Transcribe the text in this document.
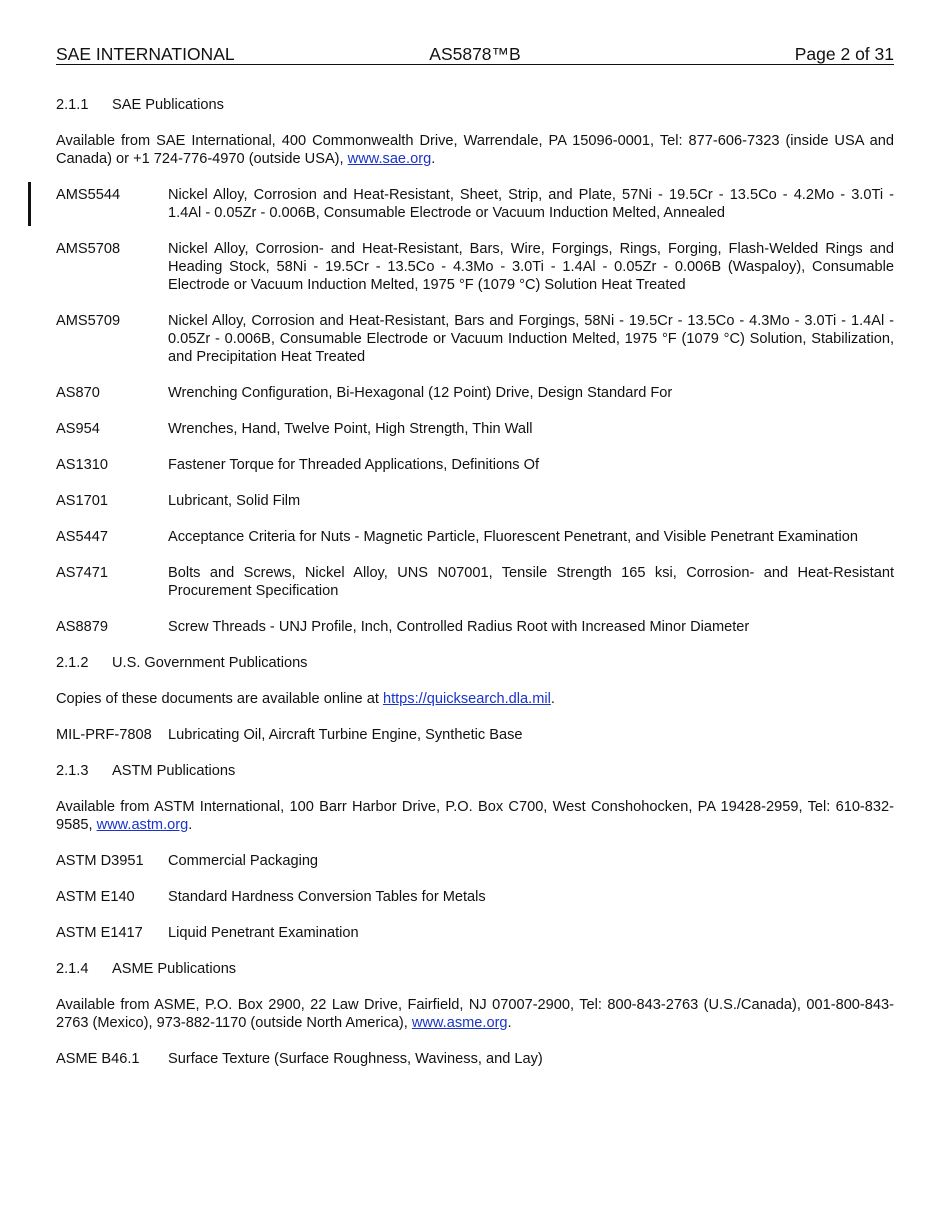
SAE INTERNATIONAL	AS5878™B	Page 2 of 31
2.1.1	SAE Publications
Available from SAE International, 400 Commonwealth Drive, Warrendale, PA 15096-0001, Tel: 877-606-7323 (inside USA and Canada) or +1 724-776-4970 (outside USA), www.sae.org.
AMS5544	Nickel Alloy, Corrosion and Heat-Resistant, Sheet, Strip, and Plate, 57Ni - 19.5Cr - 13.5Co - 4.2Mo - 3.0Ti - 1.4Al - 0.05Zr - 0.006B, Consumable Electrode or Vacuum Induction Melted, Annealed
AMS5708	Nickel Alloy, Corrosion- and Heat-Resistant, Bars, Wire, Forgings, Rings, Forging, Flash-Welded Rings and Heading Stock, 58Ni - 19.5Cr - 13.5Co - 4.3Mo - 3.0Ti - 1.4Al - 0.05Zr - 0.006B (Waspaloy), Consumable Electrode or Vacuum Induction Melted, 1975 °F (1079 °C) Solution Heat Treated
AMS5709	Nickel Alloy, Corrosion and Heat-Resistant, Bars and Forgings, 58Ni - 19.5Cr - 13.5Co - 4.3Mo - 3.0Ti - 1.4Al - 0.05Zr - 0.006B, Consumable Electrode or Vacuum Induction Melted, 1975 °F (1079 °C) Solution, Stabilization, and Precipitation Heat Treated
AS870	Wrenching Configuration, Bi-Hexagonal (12 Point) Drive, Design Standard For
AS954	Wrenches, Hand, Twelve Point, High Strength, Thin Wall
AS1310	Fastener Torque for Threaded Applications, Definitions Of
AS1701	Lubricant, Solid Film
AS5447	Acceptance Criteria for Nuts - Magnetic Particle, Fluorescent Penetrant, and Visible Penetrant Examination
AS7471	Bolts and Screws, Nickel Alloy, UNS N07001, Tensile Strength 165 ksi, Corrosion- and Heat-Resistant Procurement Specification
AS8879	Screw Threads - UNJ Profile, Inch, Controlled Radius Root with Increased Minor Diameter
2.1.2	U.S. Government Publications
Copies of these documents are available online at https://quicksearch.dla.mil.
MIL-PRF-7808	Lubricating Oil, Aircraft Turbine Engine, Synthetic Base
2.1.3	ASTM Publications
Available from ASTM International, 100 Barr Harbor Drive, P.O. Box C700, West Conshohocken, PA 19428-2959, Tel: 610-832-9585, www.astm.org.
ASTM D3951	Commercial Packaging
ASTM E140	Standard Hardness Conversion Tables for Metals
ASTM E1417	Liquid Penetrant Examination
2.1.4	ASME Publications
Available from ASME, P.O. Box 2900, 22 Law Drive, Fairfield, NJ 07007-2900, Tel: 800-843-2763 (U.S./Canada), 001-800-843-2763 (Mexico), 973-882-1170 (outside North America), www.asme.org.
ASME B46.1	Surface Texture (Surface Roughness, Waviness, and Lay)
